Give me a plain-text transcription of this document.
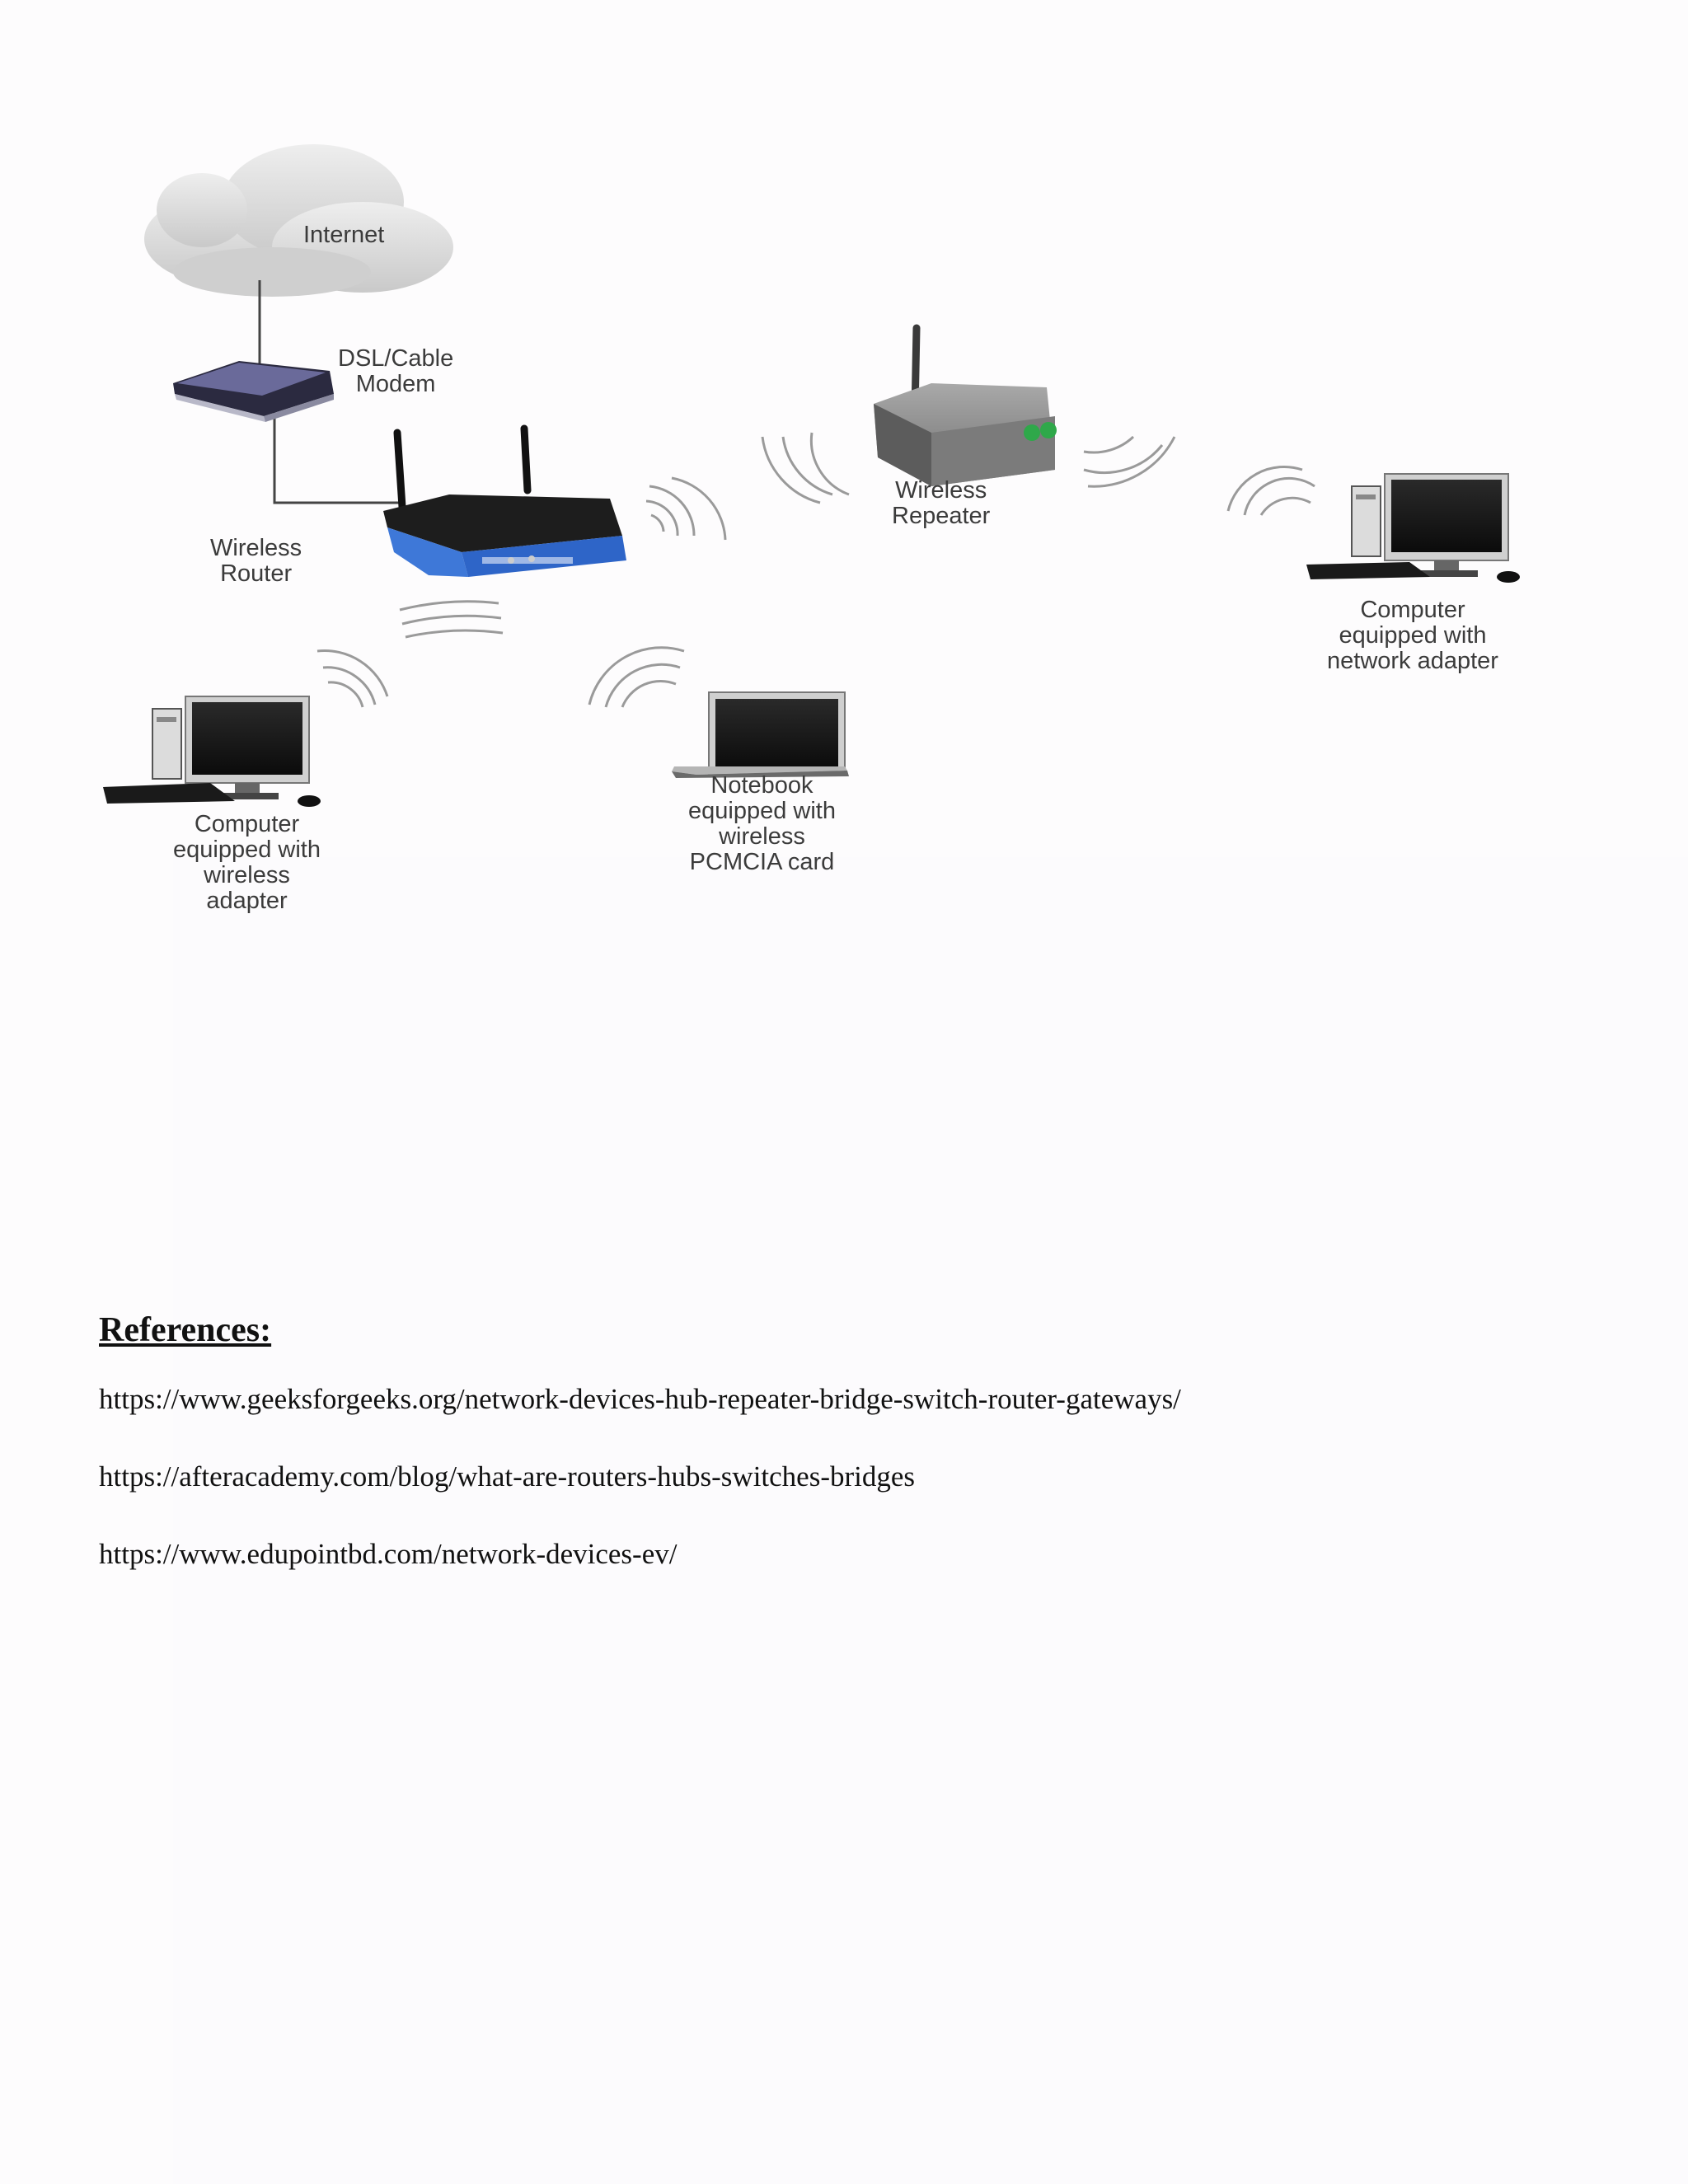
Internet
DSL/Cable
Modem
Wireless
Router
Wireless
Repeater
Computer
equipped with
network adapter
Computer
equipped with
wireless
adapter
Notebook
equipped with
wireless
PCMCIA card
References:
https://www.geeksforgeeks.org/network-devices-hub-repeater-bridge-switch-router-gateways/
https://afteracademy.com/blog/what-are-routers-hubs-switches-bridges
https://www.edupointbd.com/network-devices-ev/
